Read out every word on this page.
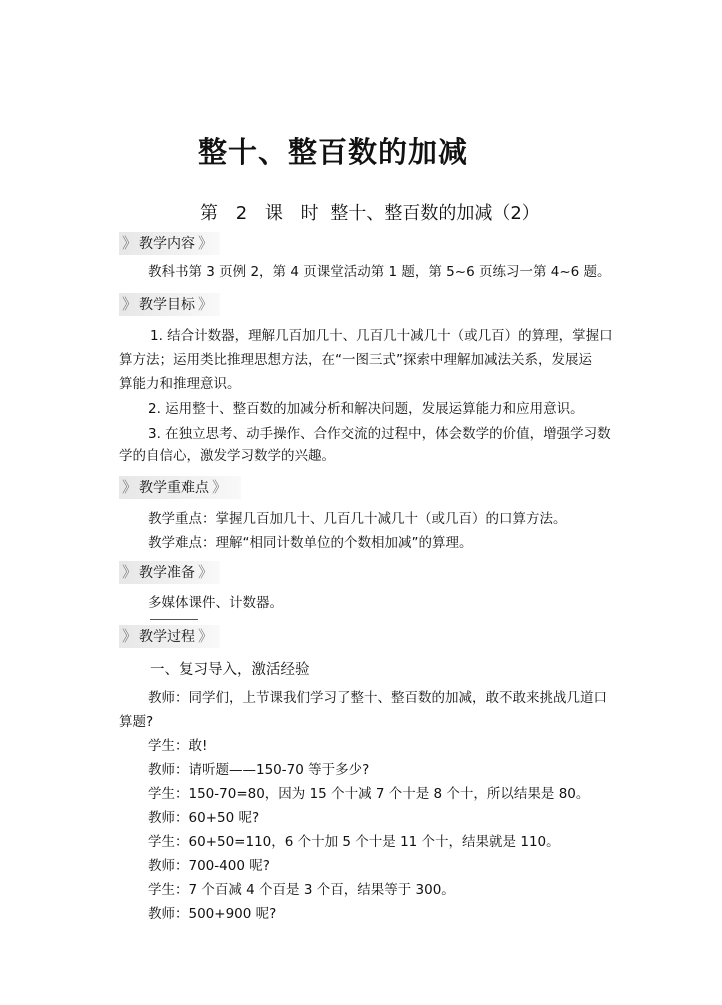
整十、整百数的加减
第 2 课 时 整十、整百数的加减（2）
》 教学内容 》
教科书第 3 页例 2，第 4 页课堂活动第 1 题，第 5~6 页练习一第 4~6 题。
》 教学目标 》
1. 结合计数器，理解几百加几十、几百几十减几十（或几百）的算理，掌握口
算方法；运用类比推理思想方法，在“一图三式”探索中理解加减法关系，发展运
算能力和推理意识。
2. 运用整十、整百数的加减分析和解决问题，发展运算能力和应用意识。
3. 在独立思考、动手操作、合作交流的过程中，体会数学的价值，增强学习数
学的自信心，激发学习数学的兴趣。
》 教学重难点 》
教学重点：掌握几百加几十、几百几十减几十（或几百）的口算方法。
教学难点：理解“相同计数单位的个数相加减”的算理。
》 教学准备 》
多媒体课件、计数器。
》 教学过程 》
一、复习导入，激活经验
教师：同学们，上节课我们学习了整十、整百数的加减，敢不敢来挑战几道口
算题?
学生：敢!
教师：请听题——150-70 等于多少?
学生：150-70=80，因为 15 个十减 7 个十是 8 个十，所以结果是 80。
教师：60+50 呢?
学生：60+50=110，6 个十加 5 个十是 11 个十，结果就是 110。
教师：700-400 呢?
学生：7 个百减 4 个百是 3 个百，结果等于 300。
教师：500+900 呢?
